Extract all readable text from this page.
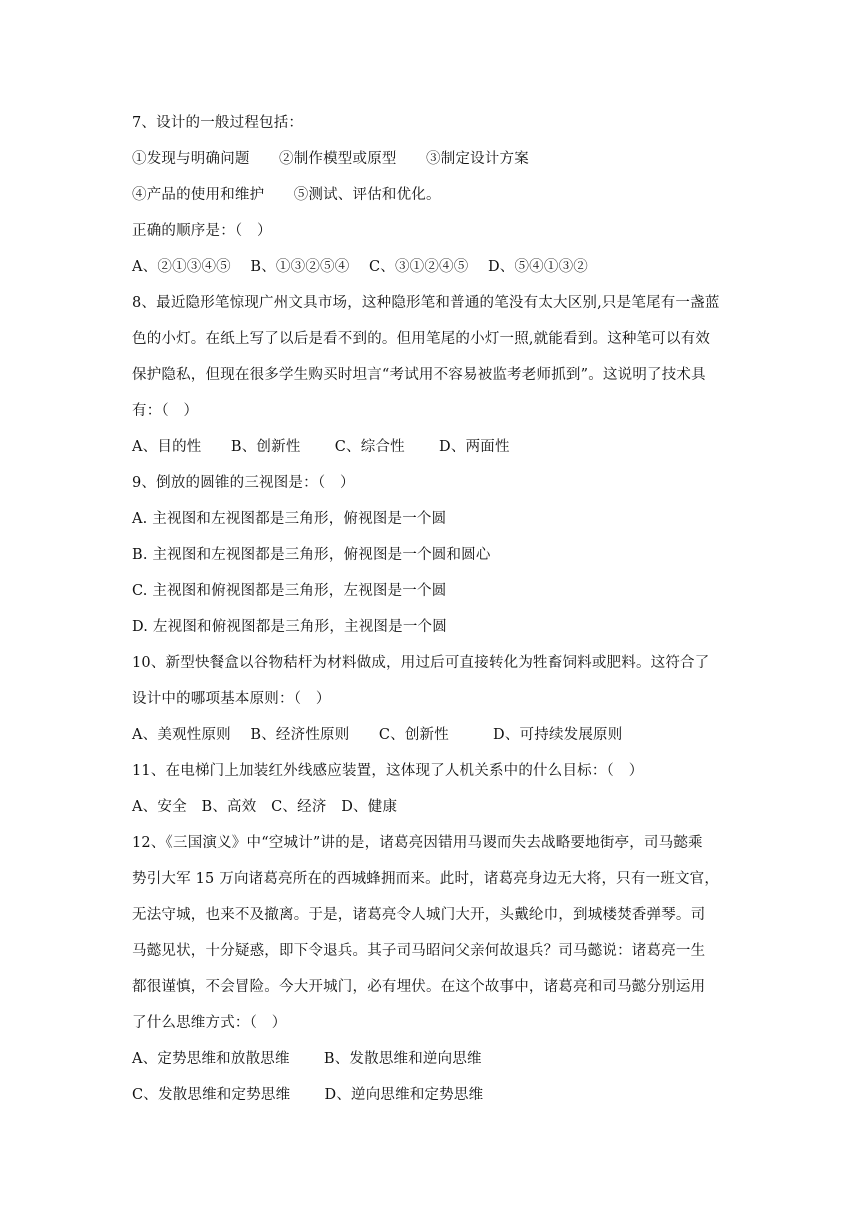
7、设计的一般过程包括：
①发现与明确问题　　②制作模型或原型　　③制定设计方案
④产品的使用和维护　　⑤测试、评估和优化。
正确的顺序是：（　）
A、②①③④⑤　 B、①③②⑤④　 C、③①②④⑤　 D、⑤④①③②
8、最近隐形笔惊现广州文具市场，这种隐形笔和普通的笔没有太大区别,只是笔尾有一盏蓝
色的小灯。在纸上写了以后是看不到的。但用笔尾的小灯一照,就能看到。这种笔可以有效
保护隐私，但现在很多学生购买时坦言“考试用不容易被监考老师抓到”。这说明了技术具
有：（　）
A、目的性　　B、创新性　　 C、综合性　　 D、两面性
9、倒放的圆锥的三视图是：（　）
A. 主视图和左视图都是三角形，俯视图是一个圆
B. 主视图和左视图都是三角形，俯视图是一个圆和圆心
C. 主视图和俯视图都是三角形，左视图是一个圆
D. 左视图和俯视图都是三角形，主视图是一个圆
10、新型快餐盒以谷物秸杆为材料做成，用过后可直接转化为牲畜饲料或肥料。这符合了
设计中的哪项基本原则：（　）
A、美观性原则　 B、经济性原则　　C、创新性　　　D、可持续发展原则
11、在电梯门上加装红外线感应装置，这体现了人机关系中的什么目标：（　）
A、安全　B、高效　C、经济　D、健康
12、《三国演义》中“空城计”讲的是，诸葛亮因错用马谡而失去战略要地街亭，司马懿乘
势引大军 15 万向诸葛亮所在的西城蜂拥而来。此时，诸葛亮身边无大将，只有一班文官，
无法守城，也来不及撤离。于是，诸葛亮令人城门大开，头戴纶巾，到城楼焚香弹琴。司
马懿见状，十分疑惑，即下令退兵。其子司马昭问父亲何故退兵？司马懿说：诸葛亮一生
都很谨慎，不会冒险。今大开城门，必有埋伏。在这个故事中，诸葛亮和司马懿分别运用
了什么思维方式：（　）
A、定势思维和放散思维　　 B、发散思维和逆向思维
C、发散思维和定势思维　　 D、逆向思维和定势思维
